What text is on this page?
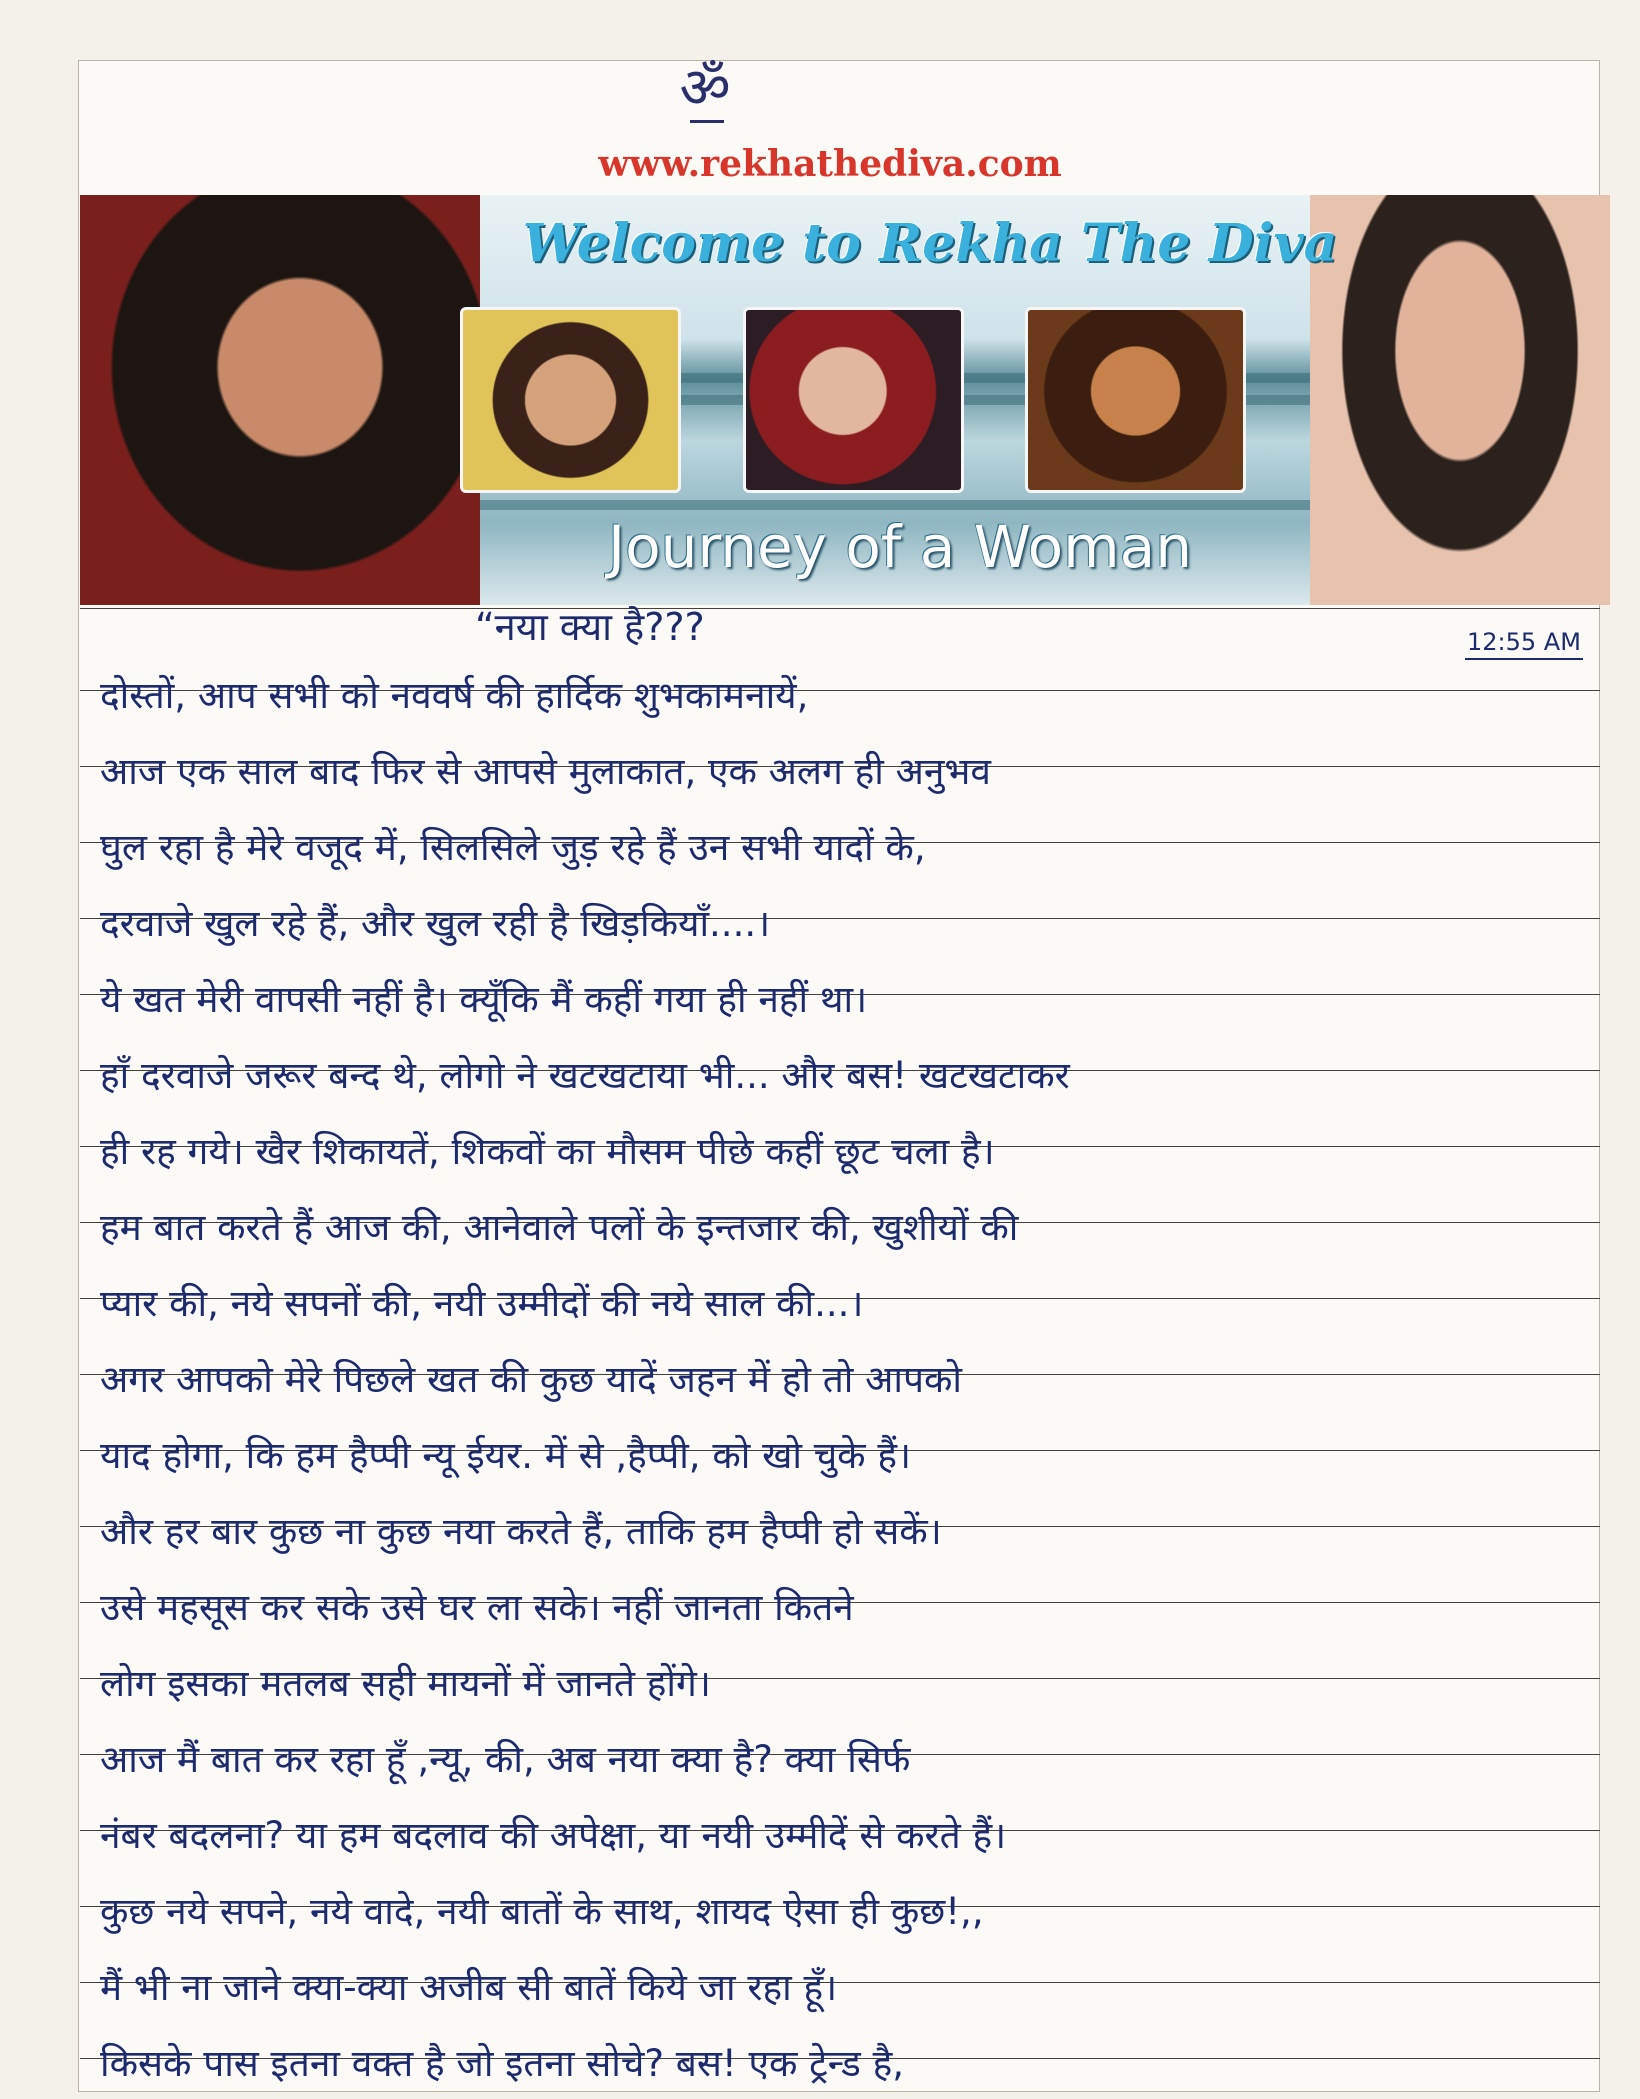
ॐ
www.rekhathediva.com
Welcome to Rekha The Diva
Journey of a Woman
“नया क्या है???	12:55 AM
दोस्तों, आप सभी को नववर्ष की हार्दिक शुभकामनायें,
आज एक साल बाद फिर से आपसे मुलाकात, एक अलग ही अनुभव
घुल रहा है मेरे वजूद में, सिलसिले जुड़ रहे हैं उन सभी यादों के,
दरवाजे खुल रहे हैं, और खुल रही है खिड़कियाँ....।
ये खत मेरी वापसी नहीं है। क्यूँकि मैं कहीं गया ही नहीं था।
हाँ दरवाजे जरूर बन्द थे, लोगो ने खटखटाया भी... और बस! खटखटाकर
ही रह गये। खैर शिकायतें, शिकवों का मौसम पीछे कहीं छूट चला है।
हम बात करते हैं आज की, आनेवाले पलों के इन्तजार की, खुशीयों की
प्यार की, नये सपनों की, नयी उम्मीदों की नये साल की...।
अगर आपको मेरे पिछले खत की कुछ यादें जहन में हो तो आपको
याद होगा, कि हम हैप्पी न्यू ईयर. में से ,हैप्पी, को खो चुके हैं।
और हर बार कुछ ना कुछ नया करते हैं, ताकि हम हैप्पी हो सकें।
उसे महसूस कर सके उसे घर ला सके। नहीं जानता कितने
लोग इसका मतलब सही मायनों में जानते होंगे।
आज मैं बात कर रहा हूँ ,न्यू, की, अब नया क्या है? क्या सिर्फ
नंबर बदलना? या हम बदलाव की अपेक्षा, या नयी उम्मीदें से करते हैं।
कुछ नये सपने, नये वादे, नयी बातों के साथ, शायद ऐसा ही कुछ!,,
मैं भी ना जाने क्या-क्या अजीब सी बातें किये जा रहा हूँ।
किसके पास इतना वक्त है जो इतना सोचे? बस! एक ट्रेन्ड है,
